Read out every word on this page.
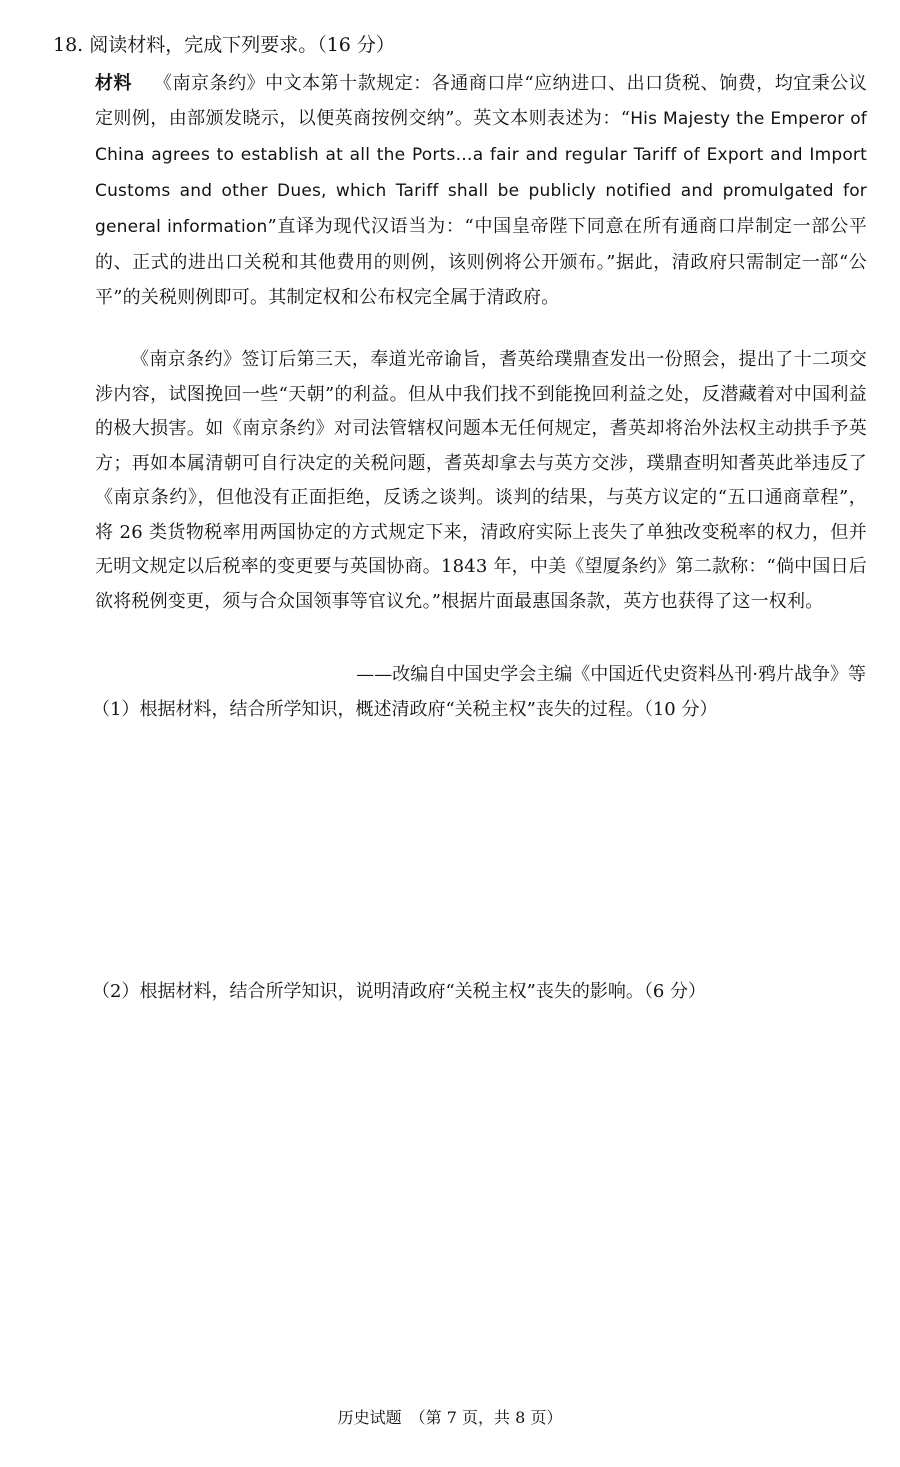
18. 阅读材料，完成下列要求。（16 分）
材料 《南京条约》中文本第十款规定：各通商口岸“应纳进口、出口货税、饷费，均宜秉公议定则例，由部颁发晓示，以便英商按例交纳”。英文本则表述为：“His Majesty the Emperor of China agrees to establish at all the Ports…a fair and regular Tariff of Export and Import Customs and other Dues, which Tariff shall be publicly notified and promulgated for general information”直译为现代汉语当为：“中国皇帝陛下同意在所有通商口岸制定一部公平的、正式的进出口关税和其他费用的则例，该则例将公开颁布。”据此，清政府只需制定一部“公平”的关税则例即可。其制定权和公布权完全属于清政府。
《南京条约》签订后第三天，奉道光帝谕旨，耆英给璞鼎查发出一份照会，提出了十二项交涉内容，试图挽回一些“天朝”的利益。但从中我们找不到能挽回利益之处，反潜藏着对中国利益的极大损害。如《南京条约》对司法管辖权问题本无任何规定，耆英却将治外法权主动拱手予英方；再如本属清朝可自行决定的关税问题，耆英却拿去与英方交涉，璞鼎查明知耆英此举违反了《南京条约》，但他没有正面拒绝，反诱之谈判。谈判的结果，与英方议定的“五口通商章程”，将 26 类货物税率用两国协定的方式规定下来，清政府实际上丧失了单独改变税率的权力，但并无明文规定以后税率的变更要与英国协商。1843 年，中美《望厦条约》第二款称：“倘中国日后欲将税例变更，须与合众国领事等官议允。”根据片面最惠国条款，英方也获得了这一权利。
——改编自中国史学会主编《中国近代史资料丛刊·鸦片战争》等
（1）根据材料，结合所学知识，概述清政府“关税主权”丧失的过程。（10 分）
（2）根据材料，结合所学知识，说明清政府“关税主权”丧失的影响。（6 分）
历史试题　（第 7 页，共 8 页）
